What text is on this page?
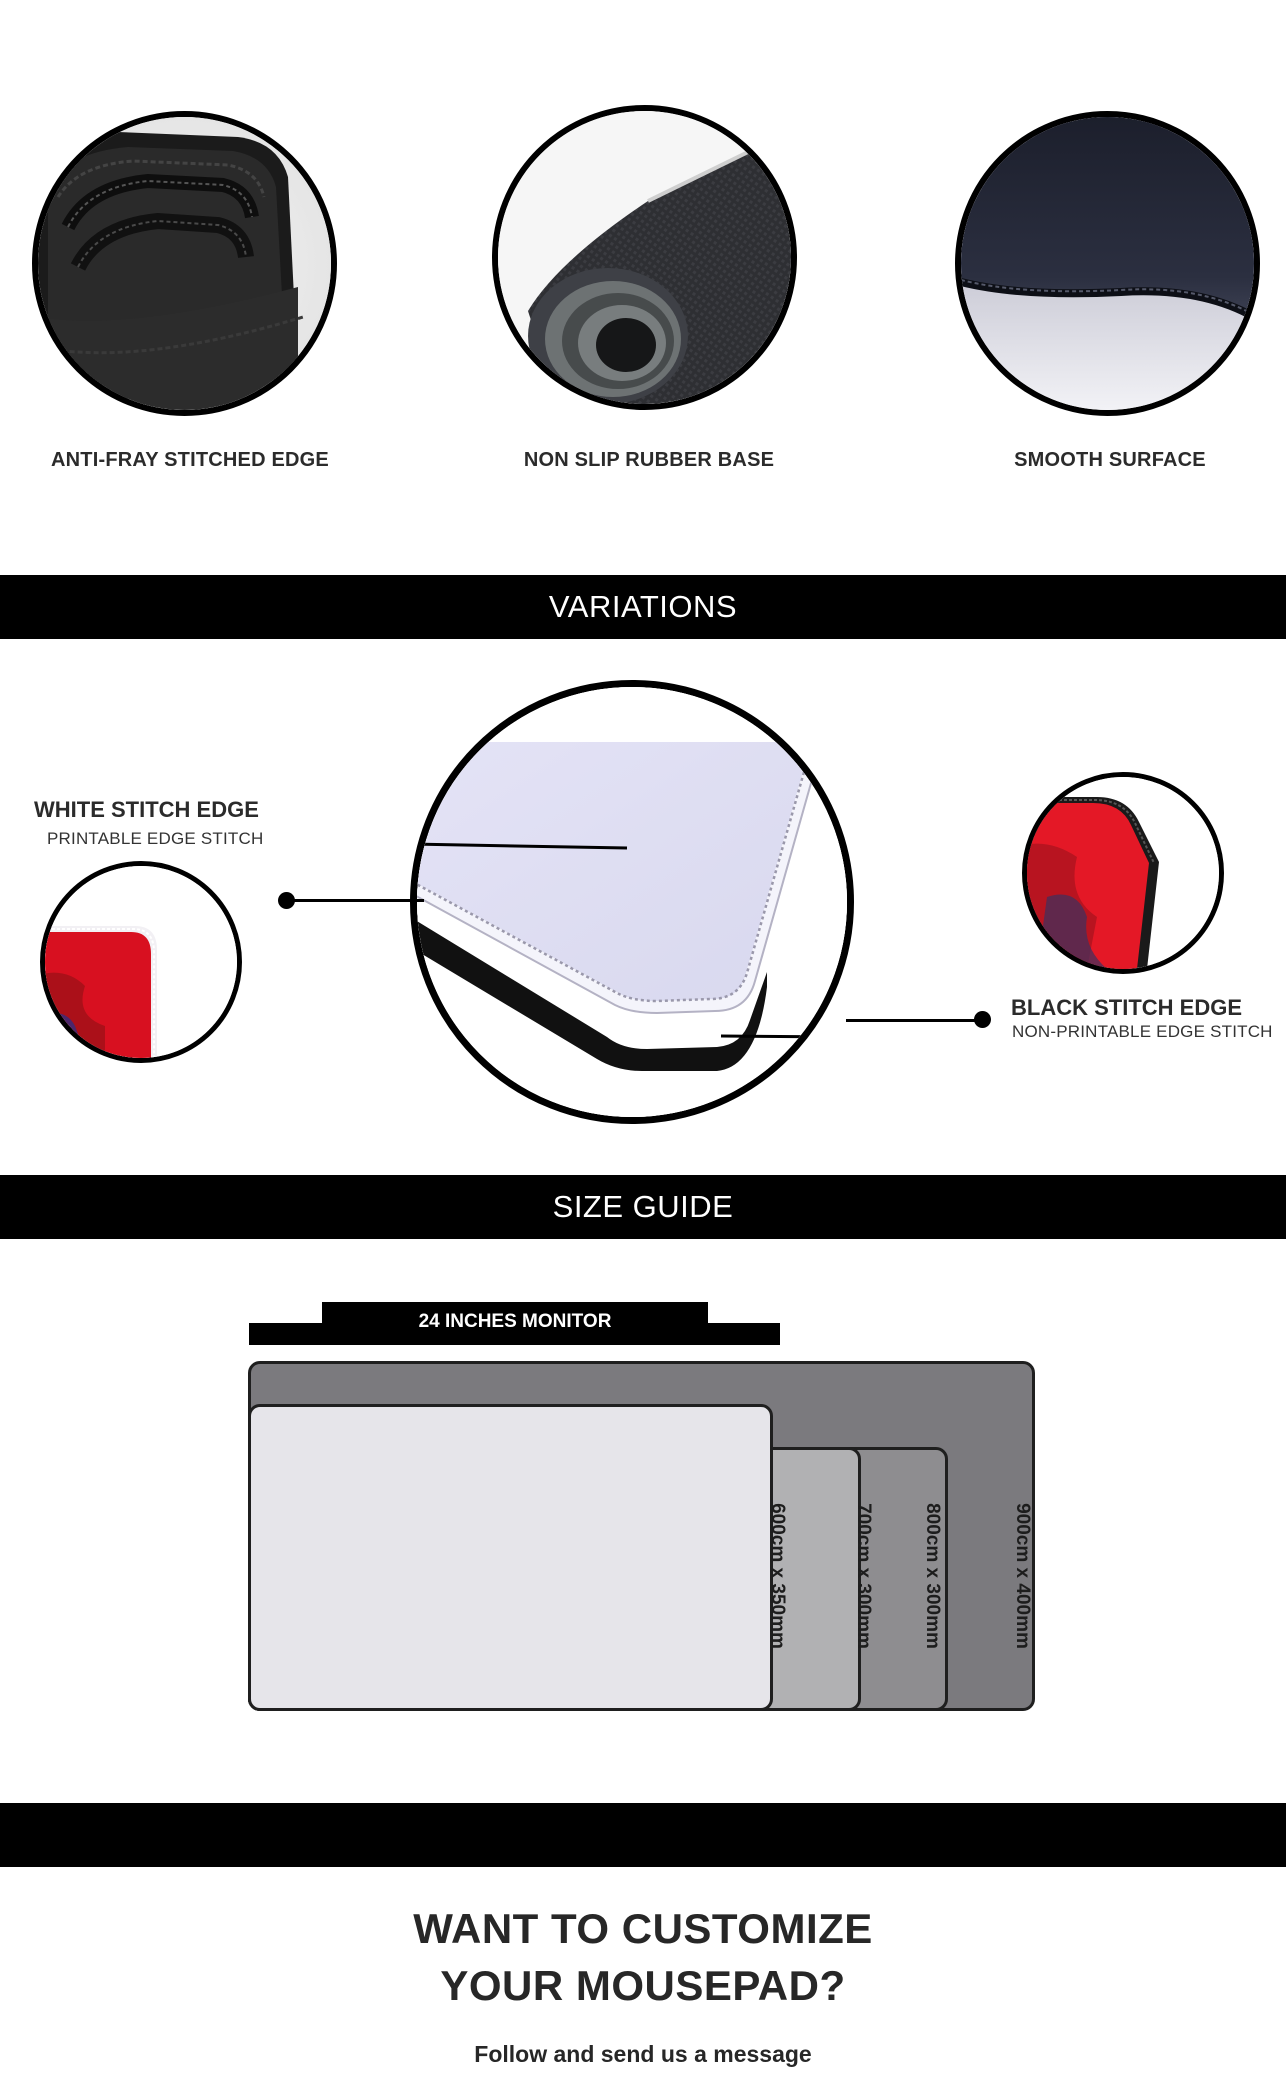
ANTI-FRAY STITCHED EDGE	NON SLIP RUBBER BASE	SMOOTH SURFACE
VARIATIONS
WHITE STITCH EDGE
PRINTABLE EDGE STITCH
BLACK STITCH EDGE
NON-PRINTABLE EDGE STITCH
SIZE GUIDE
24 INCHES MONITOR
600cm x 350mm	700cm x 300mm	800cm x 300mm	900cm x 400mm
WANT TO CUSTOMIZE
YOUR MOUSEPAD?
Follow and send us a message
